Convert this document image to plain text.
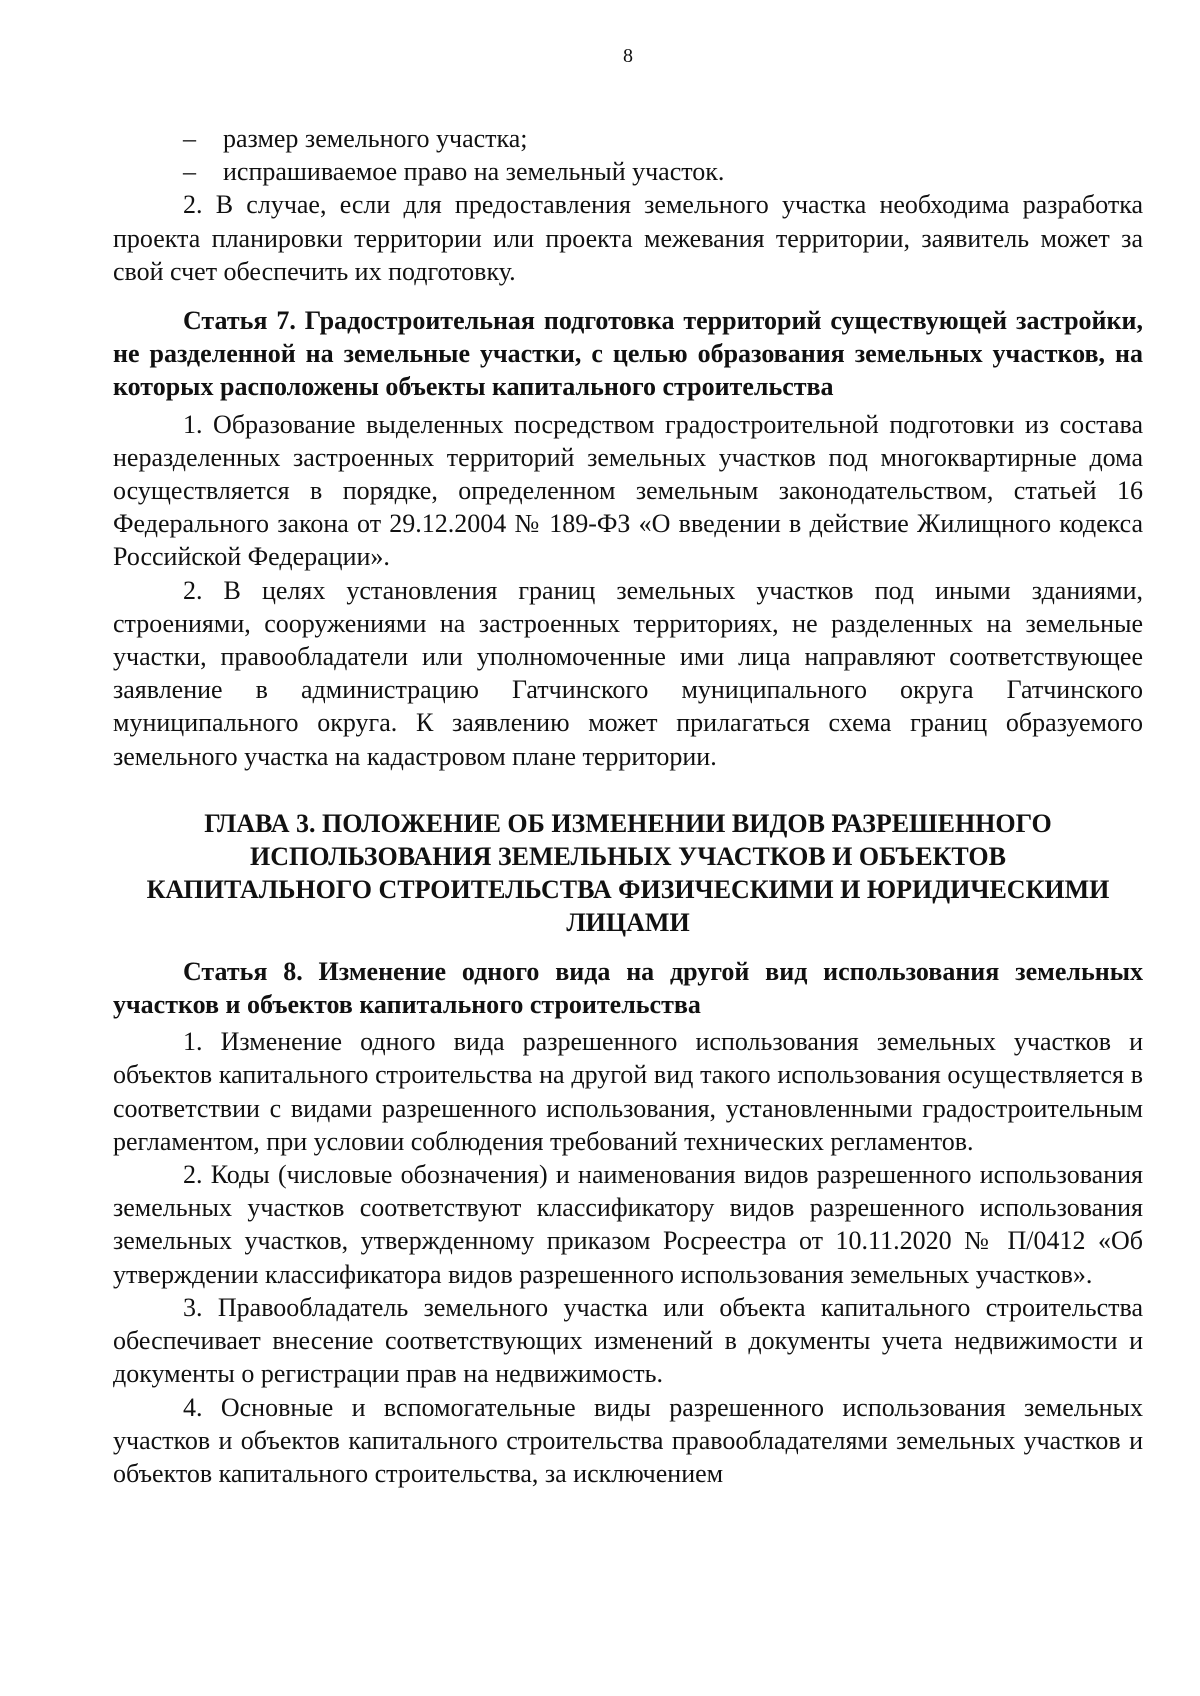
8

– размер земельного участка;

– испрашиваемое право на земельный участок.

2. В случае, если для предоставления земельного участка необходима разработка проекта планировки территории или проекта межевания территории, заявитель может за свой счет обеспечить их подготовку.

Статья 7. Градостроительная подготовка территорий существующей застройки, не разделенной на земельные участки, с целью образования земельных участков, на которых расположены объекты капитального строительства

1. Образование выделенных посредством градостроительной подготовки из состава неразделенных застроенных территорий земельных участков под многоквартирные дома осуществляется в порядке, определенном земельным законодательством, статьей 16 Федерального закона от 29.12.2004 № 189-ФЗ «О введении в действие Жилищного кодекса Российской Федерации».

2. В целях установления границ земельных участков под иными зданиями, строениями, сооружениями на застроенных территориях, не разделенных на земельные участки, правообладатели или уполномоченные ими лица направляют соответствующее заявление в администрацию Гатчинского муниципального округа Гатчинского муниципального округа. К заявлению может прилагаться схема границ образуемого земельного участка на кадастровом плане территории.

ГЛАВА 3. ПОЛОЖЕНИЕ ОБ ИЗМЕНЕНИИ ВИДОВ РАЗРЕШЕННОГО ИСПОЛЬЗОВАНИЯ ЗЕМЕЛЬНЫХ УЧАСТКОВ И ОБЪЕКТОВ КАПИТАЛЬНОГО СТРОИТЕЛЬСТВА ФИЗИЧЕСКИМИ И ЮРИДИЧЕСКИМИ ЛИЦАМИ

Статья 8. Изменение одного вида на другой вид использования земельных участков и объектов капитального строительства

1. Изменение одного вида разрешенного использования земельных участков и объектов капитального строительства на другой вид такого использования осуществляется в соответствии с видами разрешенного использования, установленными градостроительным регламентом, при условии соблюдения требований технических регламентов.

2. Коды (числовые обозначения) и наименования видов разрешенного использования земельных участков соответствуют классификатору видов разрешенного использования земельных участков, утвержденному приказом Росреестра от 10.11.2020 № П/0412 «Об утверждении классификатора видов разрешенного использования земельных участков».

3. Правообладатель земельного участка или объекта капитального строительства обеспечивает внесение соответствующих изменений в документы учета недвижимости и документы о регистрации прав на недвижимость.

4. Основные и вспомогательные виды разрешенного использования земельных участков и объектов капитального строительства правообладателями земельных участков и объектов капитального строительства, за исключением
